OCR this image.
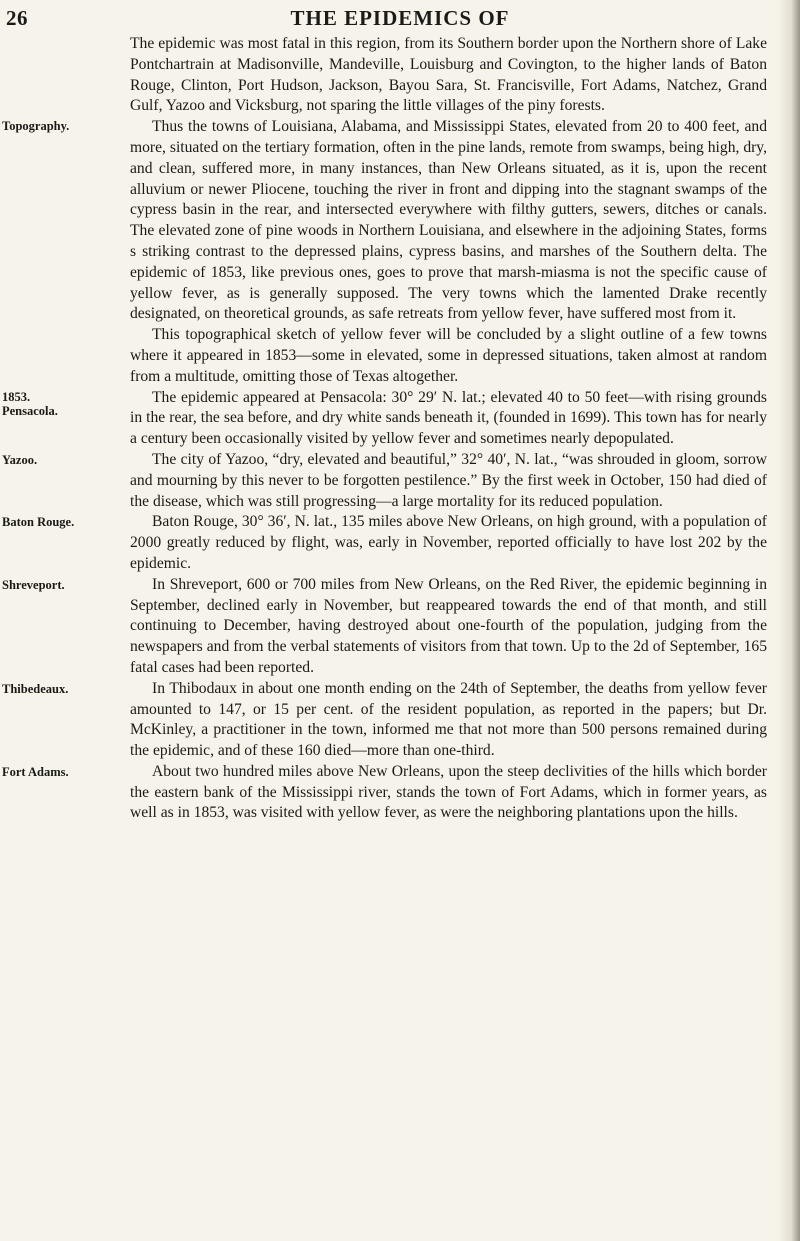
26	THE EPIDEMICS OF

The epidemic was most fatal in this region, from its Southern border upon the Northern shore of Lake Pontchartrain at Madisonville, Mandeville, Louisburg and Covington, to the higher lands of Baton Rouge, Clinton, Port Hudson, Jackson, Bayou Sara, St. Francisville, Fort Adams, Natchez, Grand Gulf, Yazoo and Vicksburg, not sparing the little villages of the piny forests.

Topography.	Thus the towns of Louisiana, Alabama, and Mississippi States, elevated from 20 to 400 feet, and more, situated on the tertiary formation, often in the pine lands, remote from swamps, being high, dry, and clean, suffered more, in many instances, than New Orleans situated, as it is, upon the recent alluvium or newer Pliocene, touching the river in front and dipping into the stagnant swamps of the cypress basin in the rear, and intersected everywhere with filthy gutters, sewers, ditches or canals. The elevated zone of pine woods in Northern Louisiana, and elsewhere in the adjoining States, forms s striking contrast to the depressed plains, cypress basins, and marshes of the Southern delta. The epidemic of 1853, like previous ones, goes to prove that marsh-miasma is not the specific cause of yellow fever, as is generally supposed. The very towns which the lamented Drake recently designated, on theoretical grounds, as safe retreats from yellow fever, have suffered most from it.

This topographical sketch of yellow fever will be concluded by a slight outline of a few towns where it appeared in 1853—some in elevated, some in depressed situations, taken almost at random from a multitude, omitting those of Texas altogether.

1853. Pensacola.
The epidemic appeared at Pensacola: 30° 29′ N. lat.; elevated 40 to 50 feet—with rising grounds in the rear, the sea before, and dry white sands beneath it, (founded in 1699). This town has for nearly a century been occasionally visited by yellow fever and sometimes nearly depopulated.

Yazoo.	The city of Yazoo, “dry, elevated and beautiful,” 32° 40′, N. lat., “was shrouded in gloom, sorrow and mourning by this never to be forgotten pestilence.” By the first week in October, 150 had died of the disease, which was still progressing—a large mortality for its reduced population.

Baton Rouge.	Baton Rouge, 30° 36′, N. lat., 135 miles above New Orleans, on high ground, with a population of 2000 greatly reduced by flight, was, early in November, reported officially to have lost 202 by the epidemic.

Shreveport.	In Shreveport, 600 or 700 miles from New Orleans, on the Red River, the epidemic beginning in September, declined early in November, but reappeared towards the end of that month, and still continuing to December, having destroyed about one-fourth of the population, judging from the newspapers and from the verbal statements of visitors from that town. Up to the 2d of September, 165 fatal cases had been reported.

Thibedeaux.	In Thibodaux in about one month ending on the 24th of September, the deaths from yellow fever amounted to 147, or 15 per cent. of the resident population, as reported in the papers; but Dr. McKinley, a practitioner in the town, informed me that not more than 500 persons remained during the epidemic, and of these 160 died—more than one-third.

Fort Adams.	About two hundred miles above New Orleans, upon the steep declivities of the hills which border the eastern bank of the Mississippi river, stands the town of Fort Adams, which in former years, as well as in 1853, was visited with yellow fever, as were the neighboring plantations upon the hills.
